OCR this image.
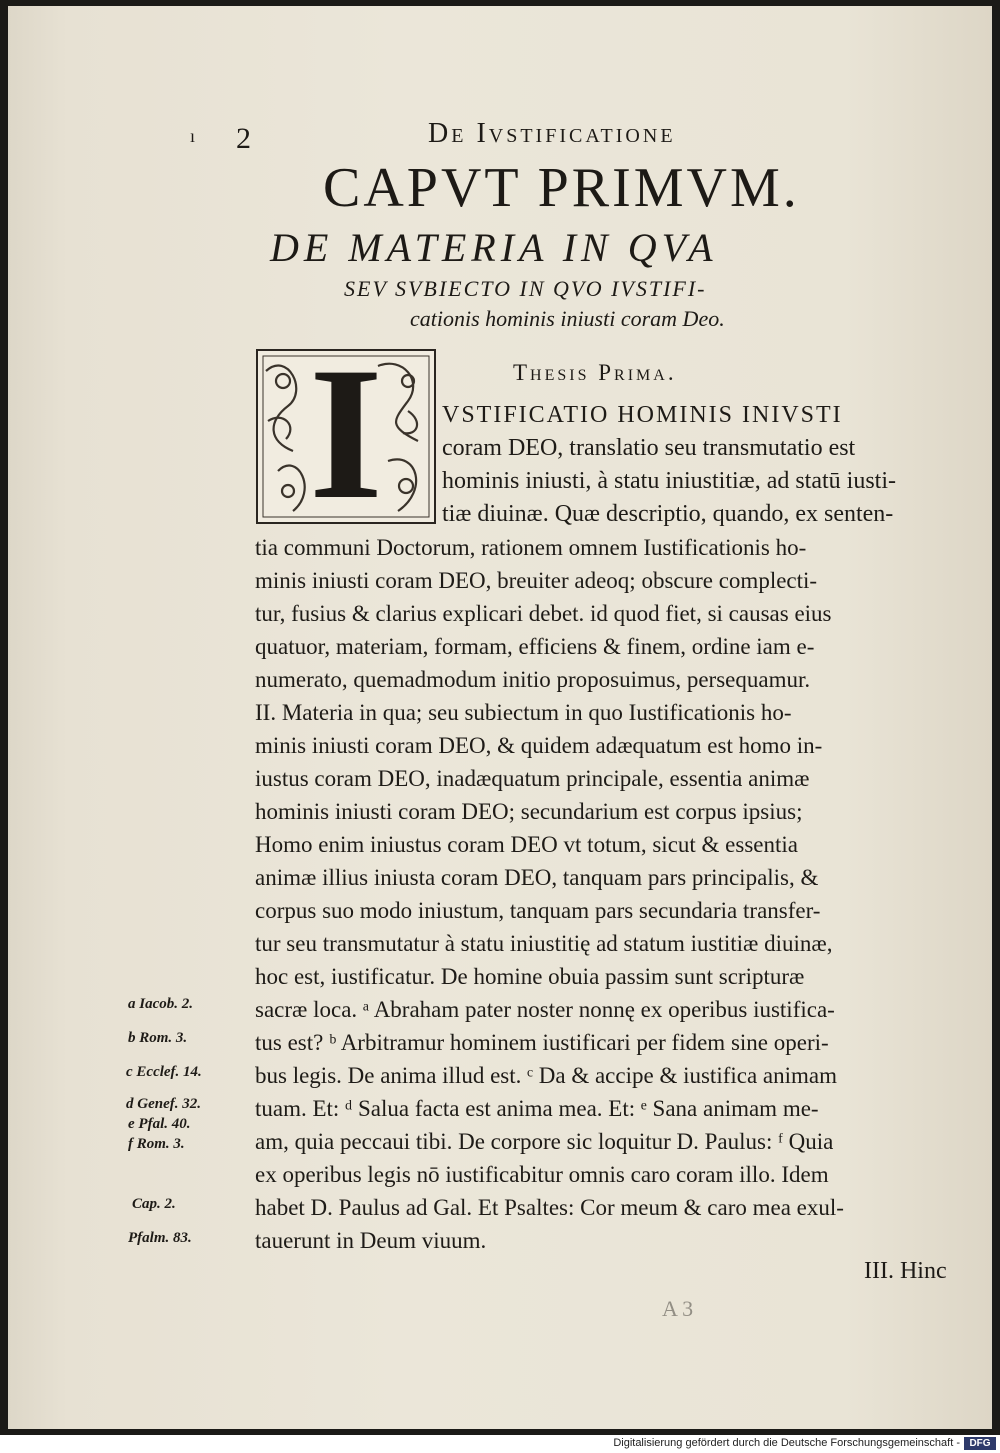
ı 2	De Ivstificatione
CAPVT PRIMVM.
DE MATERIA IN QVA
SEV SVBIECTO IN QVO IVSTIFI-
cationis hominis iniusti coram Deo.
Thesis Prima.
I	VSTIFICATIO HOMINIS INIVSTI
coram DEO, translatio seu transmutatio est
hominis iniusti, à statu iniustitiæ, ad statū iusti-
tiæ diuinæ. Quæ descriptio, quando, ex senten-
tia communi Doctorum, rationem omnem Iustificationis ho-
minis iniusti coram DEO, breuiter adeoq; obscure complecti-
tur, fusius & clarius explicari debet. id quod fiet, si causas eius
quatuor, materiam, formam, efficiens & finem, ordine iam e-
numerato, quemadmodum initio proposuimus, persequamur.
II. Materia in qua; seu subiectum in quo Iustificationis ho-
minis iniusti coram DEO, & quidem adæquatum est homo in-
iustus coram DEO, inadæquatum principale, essentia animæ
hominis iniusti coram DEO; secundarium est corpus ipsius;
Homo enim iniustus coram DEO vt totum, sicut & essentia
animæ illius iniusta coram DEO, tanquam pars principalis, &
corpus suo modo iniustum, tanquam pars secundaria transfer-
tur seu transmutatur à statu iniustitię ad statum iustitiæ diuinæ,
hoc est, iustificatur. De homine obuia passim sunt scripturæ
sacræ loca. ᵃ Abraham pater noster nonnę ex operibus iustifica-
tus est? ᵇ Arbitramur hominem iustificari per fidem sine operi-
bus legis. De anima illud est. ᶜ Da & accipe & iustifica animam
tuam. Et: ᵈ Salua facta est anima mea. Et: ᵉ Sana animam me-
am, quia peccaui tibi. De corpore sic loquitur D. Paulus: ᶠ Quia
ex operibus legis nō iustificabitur omnis caro coram illo. Idem
habet D. Paulus ad Gal. Et Psaltes: Cor meum & caro mea exul-
tauerunt in Deum viuum.
a Iacob. 2.
b Rom. 3.
c Ecclef. 14.
d Genef. 32.
e Pfal. 40.
f Rom. 3.
Cap. 2.
Pfalm. 83.
III. Hinc
A 3
Digitalisierung gefördert durch die Deutsche Forschungsgemeinschaft - DFG
